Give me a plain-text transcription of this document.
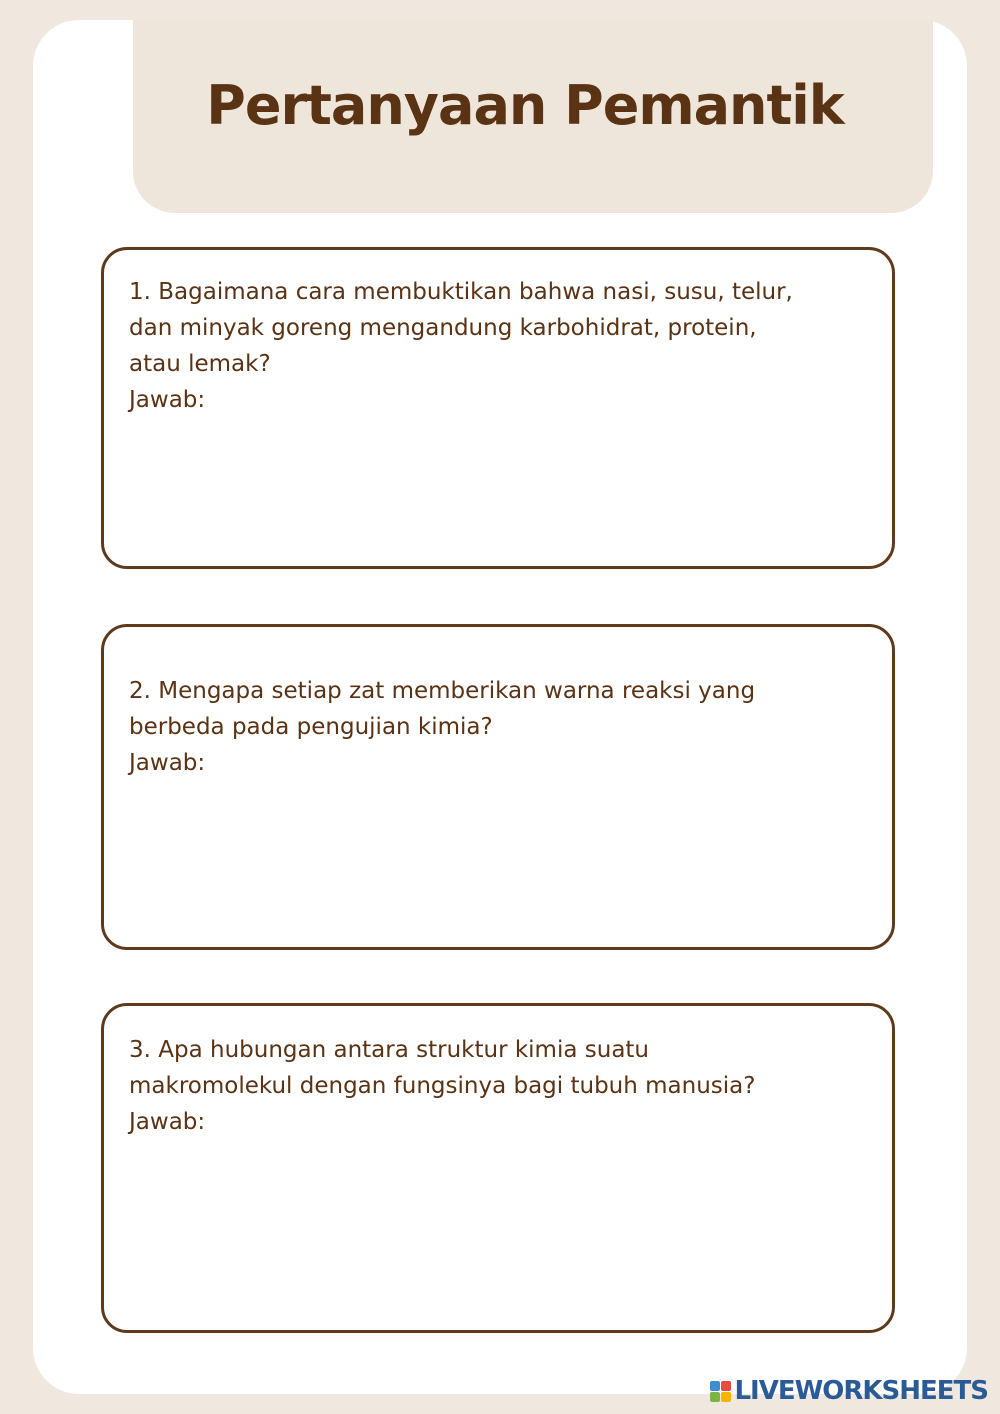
Pertanyaan Pemantik

1. Bagaimana cara membuktikan bahwa nasi, susu, telur,
dan minyak goreng mengandung karbohidrat, protein,
atau lemak?
Jawab:

2. Mengapa setiap zat memberikan warna reaksi yang
berbeda pada pengujian kimia?
Jawab:

3. Apa hubungan antara struktur kimia suatu
makromolekul dengan fungsinya bagi tubuh manusia?
Jawab:

LIVEWORKSHEETS
